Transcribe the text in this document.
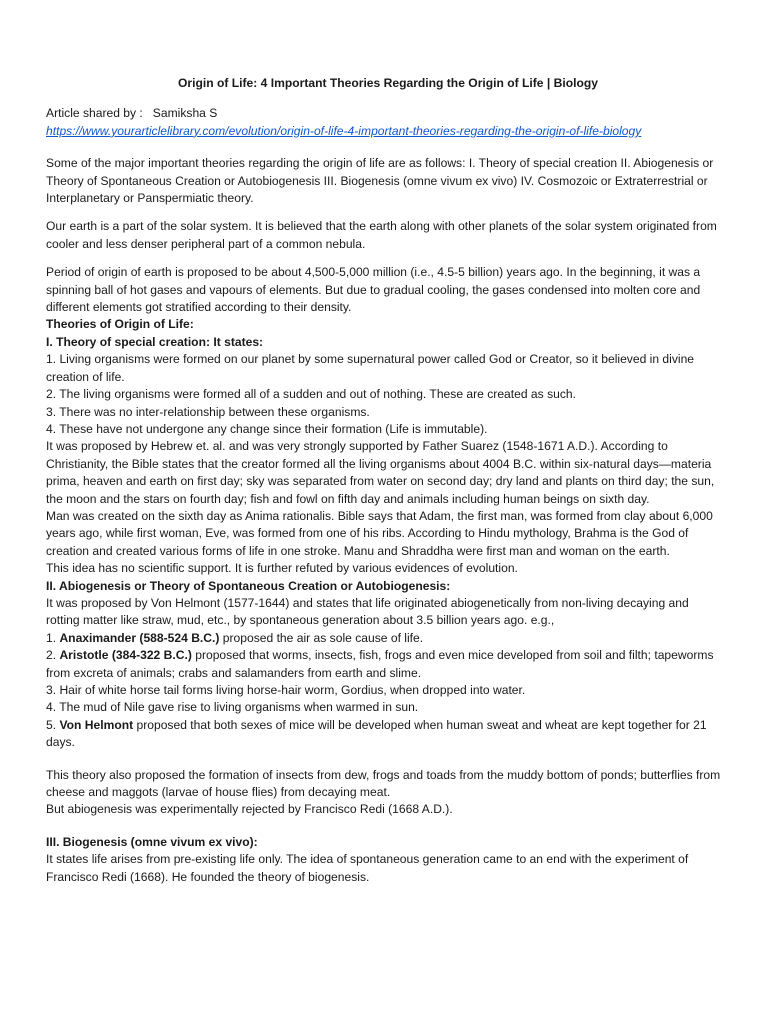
Origin of Life: 4 Important Theories Regarding the Origin of Life | Biology

Article shared by : Samiksha S

https://www.yourarticlelibrary.com/evolution/origin-of-life-4-important-theories-regarding-the-origin-of-life-biology

Some of the major important theories regarding the origin of life are as follows: I. Theory of special creation II. Abiogenesis or Theory of Spontaneous Creation or Autobiogenesis III. Biogenesis (omne vivum ex vivo) IV. Cosmozoic or Extraterrestrial or Interplanetary or Panspermiatic theory.

Our earth is a part of the solar system. It is believed that the earth along with other planets of the solar system originated from cooler and less denser peripheral part of a common nebula.

Period of origin of earth is proposed to be about 4,500-5,000 million (i.e., 4.5-5 billion) years ago. In the beginning, it was a spinning ball of hot gases and vapours of elements. But due to gradual cooling, the gases condensed into molten core and different elements got stratified according to their density.

Theories of Origin of Life:

I. Theory of special creation: It states:

1. Living organisms were formed on our planet by some supernatural power called God or Creator, so it believed in divine creation of life.

2. The living organisms were formed all of a sudden and out of nothing. These are created as such.

3. There was no inter-relationship between these organisms.

4. These have not undergone any change since their formation (Life is immutable).

It was proposed by Hebrew et. al. and was very strongly supported by Father Suarez (1548-1671 A.D.). According to Christianity, the Bible states that the creator formed all the living organisms about 4004 B.C. within six-natural days—materia prima, heaven and earth on first day; sky was separated from water on second day; dry land and plants on third day; the sun, the moon and the stars on fourth day; fish and fowl on fifth day and animals including human beings on sixth day.

Man was created on the sixth day as Anima rationalis. Bible says that Adam, the first man, was formed from clay about 6,000 years ago, while first woman, Eve, was formed from one of his ribs. According to Hindu mythology, Brahma is the God of creation and created various forms of life in one stroke. Manu and Shraddha were first man and woman on the earth.

This idea has no scientific support. It is further refuted by various evidences of evolution.

II. Abiogenesis or Theory of Spontaneous Creation or Autobiogenesis:

It was proposed by Von Helmont (1577-1644) and states that life originated abiogenetically from non-living decaying and rotting matter like straw, mud, etc., by spontaneous generation about 3.5 billion years ago. e.g.,

1. Anaximander (588-524 B.C.) proposed the air as sole cause of life.

2. Aristotle (384-322 B.C.) proposed that worms, insects, fish, frogs and even mice developed from soil and filth; tapeworms from excreta of animals; crabs and salamanders from earth and slime.

3. Hair of white horse tail forms living horse-hair worm, Gordius, when dropped into water.

4. The mud of Nile gave rise to living organisms when warmed in sun.

5. Von Helmont proposed that both sexes of mice will be developed when human sweat and wheat are kept together for 21 days.

This theory also proposed the formation of insects from dew, frogs and toads from the muddy bottom of ponds; butterflies from cheese and maggots (larvae of house flies) from decaying meat.

But abiogenesis was experimentally rejected by Francisco Redi (1668 A.D.).

III. Biogenesis (omne vivum ex vivo):

It states life arises from pre-existing life only. The idea of spontaneous generation came to an end with the experiment of Francisco Redi (1668). He founded the theory of biogenesis.
